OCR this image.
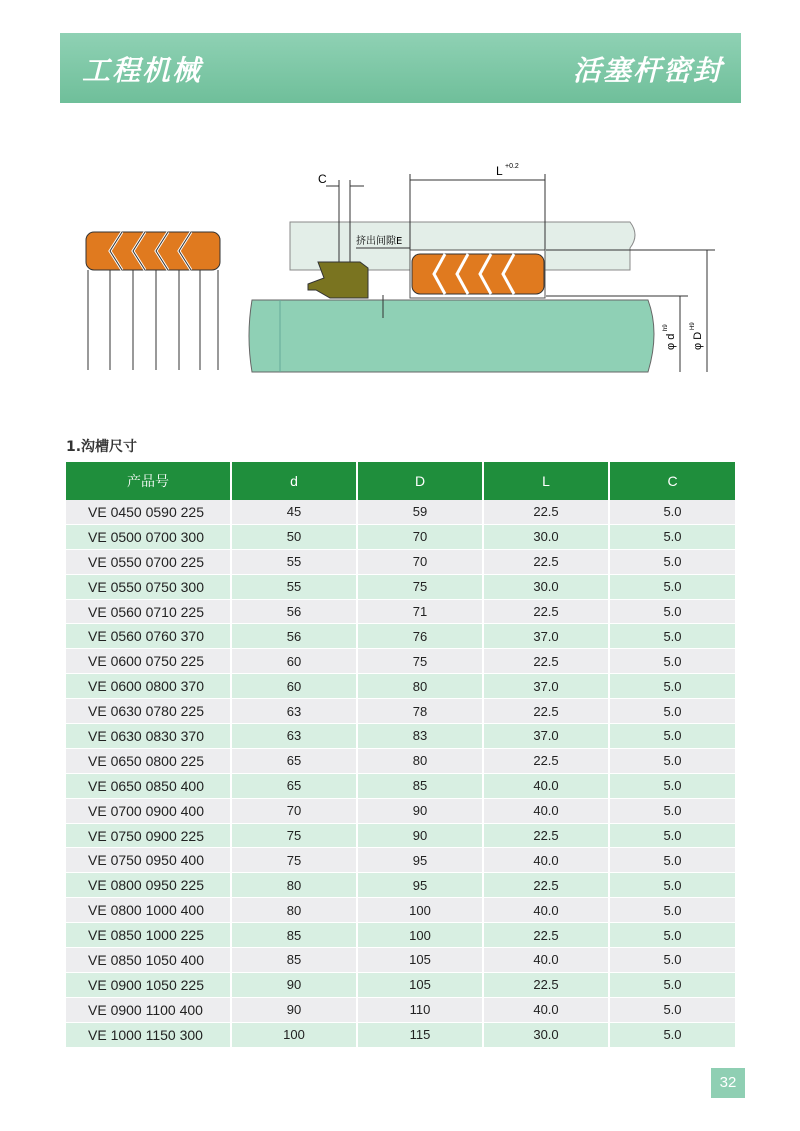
工程机械	活塞杆密封
C
L +0.2
挤出间隙E
φ d
h9
φ D
H9
1.沟槽尺寸
产品号	d	D	L	C
VE 0450 0590 225	45	59	22.5	5.0
VE 0500 0700 300	50	70	30.0	5.0
VE 0550 0700 225	55	70	22.5	5.0
VE 0550 0750 300	55	75	30.0	5.0
VE 0560 0710 225	56	71	22.5	5.0
VE 0560 0760 370	56	76	37.0	5.0
VE 0600 0750 225	60	75	22.5	5.0
VE 0600 0800 370	60	80	37.0	5.0
VE 0630 0780 225	63	78	22.5	5.0
VE 0630 0830 370	63	83	37.0	5.0
VE 0650 0800 225	65	80	22.5	5.0
VE 0650 0850 400	65	85	40.0	5.0
VE 0700 0900 400	70	90	40.0	5.0
VE 0750 0900 225	75	90	22.5	5.0
VE 0750 0950 400	75	95	40.0	5.0
VE 0800 0950 225	80	95	22.5	5.0
VE 0800 1000 400	80	100	40.0	5.0
VE 0850 1000 225	85	100	22.5	5.0
VE 0850 1050 400	85	105	40.0	5.0
VE 0900 1050 225	90	105	22.5	5.0
VE 0900 1100 400	90	110	40.0	5.0
VE 1000 1150 300	100	115	30.0	5.0
32
